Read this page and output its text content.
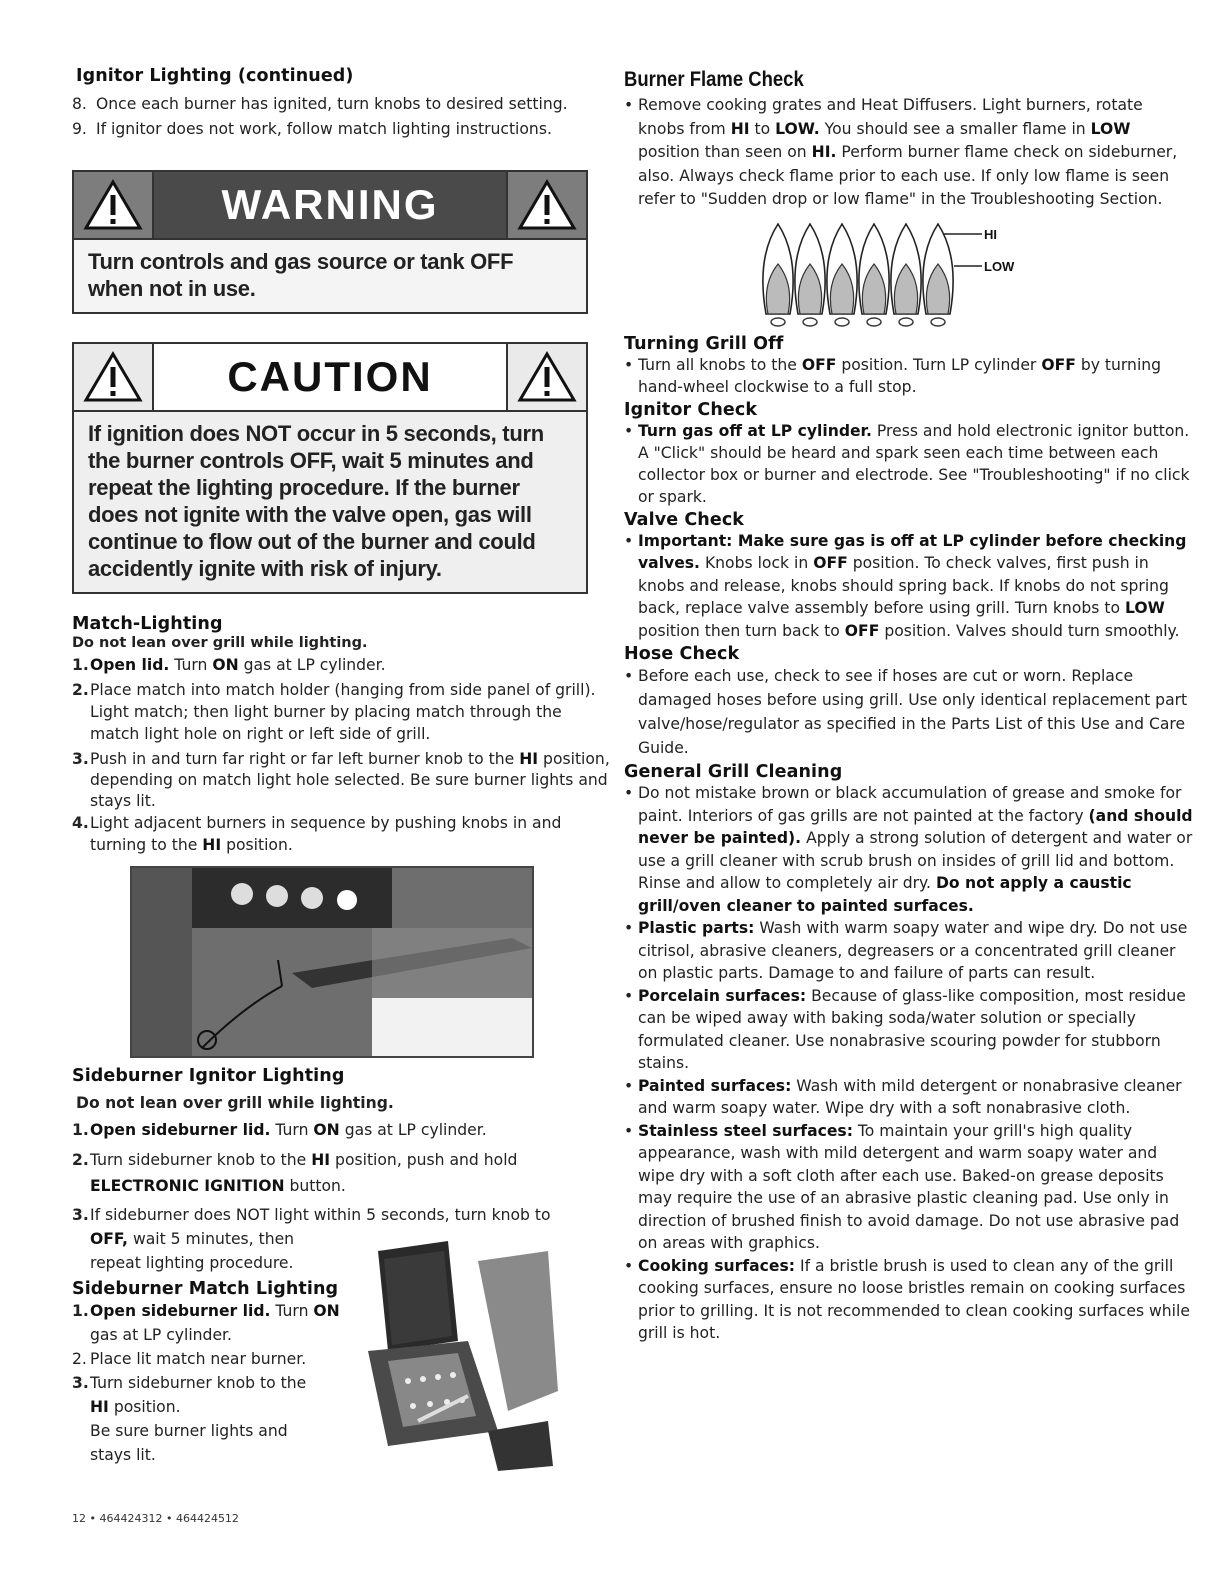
Ignitor Lighting (continued)
8. Once each burner has ignited, turn knobs to desired setting.
9. If ignitor does not work, follow match lighting instructions.
WARNING
Turn controls and gas source or tank OFF when not in use.
CAUTION
If ignition does NOT occur in 5 seconds, turn the burner controls OFF, wait 5 minutes and repeat the lighting procedure. If the burner does not ignite with the valve open, gas will continue to flow out of the burner and could accidently ignite with risk of injury.
Match-Lighting

Do not lean over grill while lighting.

1. Open lid. Turn ON gas at LP cylinder.
2. Place match into match holder (hanging from side panel of grill). Light match; then light burner by placing match through the match light hole on right or left side of grill.
3. Push in and turn far right or far left burner knob to the HI position, depending on match light hole selected. Be sure burner lights and stays lit.
4. Light adjacent burners in sequence by pushing knobs in and turning to the HI position.
Sideburner Ignitor Lighting

Do not lean over grill while lighting.

1. Open sideburner lid. Turn ON gas at LP cylinder.
2. Turn sideburner knob to the HI position, push and hold
ELECTRONIC IGNITION button.
3. If sideburner does NOT light within 5 seconds, turn knob to
OFF, wait 5 minutes, then
repeat lighting procedure.
Sideburner Match Lighting
1. Open sideburner lid. Turn ON
gas at LP cylinder.
2. Place lit match near burner.
3. Turn sideburner knob to the
HI position.
Be sure burner lights and stays lit.
Burner Flame Check
• Remove cooking grates and Heat Diffusers. Light burners, rotate knobs from HI to LOW. You should see a smaller flame in LOW position than seen on HI. Perform burner flame check on sideburner, also. Always check flame prior to each use. If only low flame is seen refer to "Sudden drop or low flame" in the Troubleshooting Section.
HI
LOW
Turning Grill Off
• Turn all knobs to the OFF position. Turn LP cylinder OFF by turning hand-wheel clockwise to a full stop.
Ignitor Check
• Turn gas off at LP cylinder. Press and hold electronic ignitor button. A "Click" should be heard and spark seen each time between each collector box or burner and electrode. See "Troubleshooting" if no click or spark.
Valve Check
• Important: Make sure gas is off at LP cylinder before checking valves. Knobs lock in OFF position. To check valves, first push in knobs and release, knobs should spring back. If knobs do not spring back, replace valve assembly before using grill. Turn knobs to LOW position then turn back to OFF position. Valves should turn smoothly.
Hose Check
• Before each use, check to see if hoses are cut or worn. Replace damaged hoses before using grill. Use only identical replacement part valve/hose/regulator as specified in the Parts List of this Use and Care Guide.
General Grill Cleaning
• Do not mistake brown or black accumulation of grease and smoke for paint. Interiors of gas grills are not painted at the factory (and should never be painted). Apply a strong solution of detergent and water or use a grill cleaner with scrub brush on insides of grill lid and bottom. Rinse and allow to completely air dry. Do not apply a caustic grill/oven cleaner to painted surfaces.
• Plastic parts: Wash with warm soapy water and wipe dry. Do not use citrisol, abrasive cleaners, degreasers or a concentrated grill cleaner on plastic parts. Damage to and failure of parts can result.
• Porcelain surfaces: Because of glass-like composition, most residue can be wiped away with baking soda/water solution or specially formulated cleaner. Use nonabrasive scouring powder for stubborn stains.
• Painted surfaces: Wash with mild detergent or nonabrasive cleaner and warm soapy water. Wipe dry with a soft nonabrasive cloth.
• Stainless steel surfaces: To maintain your grill's high quality appearance, wash with mild detergent and warm soapy water and wipe dry with a soft cloth after each use. Baked-on grease deposits may require the use of an abrasive plastic cleaning pad. Use only in direction of brushed finish to avoid damage. Do not use abrasive pad on areas with graphics.
• Cooking surfaces: If a bristle brush is used to clean any of the grill cooking surfaces, ensure no loose bristles remain on cooking surfaces prior to grilling. It is not recommended to clean cooking surfaces while grill is hot.
12 • 464424312 • 464424512
